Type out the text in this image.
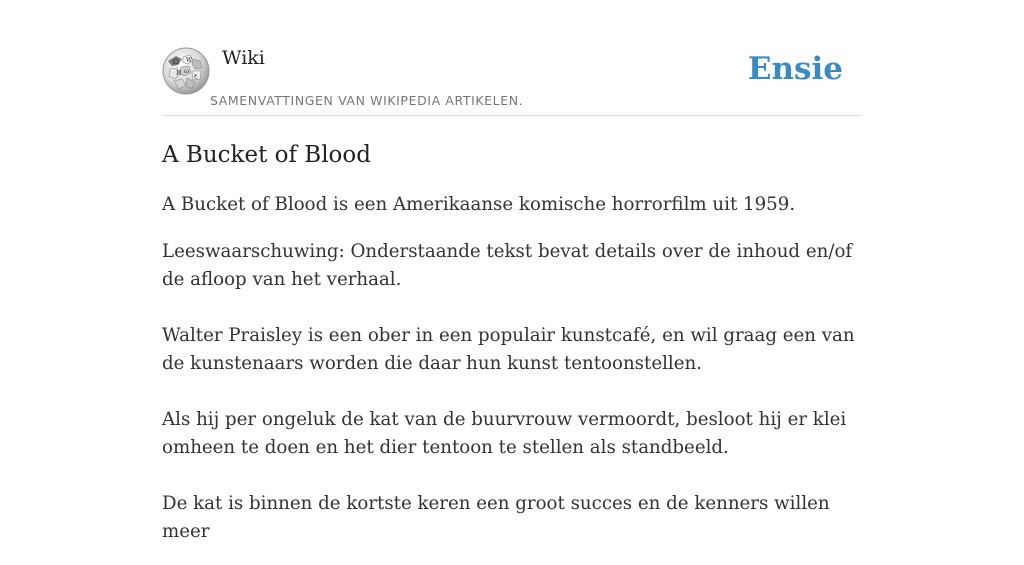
Ω W
И ω
ع
Wiki
SAMENVATTINGEN VAN WIKIPEDIA ARTIKELEN.
Ensie
A Bucket of Blood

A Bucket of Blood is een Amerikaanse komische horrorfilm uit 1959.

Leeswaarschuwing: Onderstaande tekst bevat details over de inhoud en/of de afloop van het verhaal.

Walter Praisley is een ober in een populair kunstcafé, en wil graag een van de kunstenaars worden die daar hun kunst tentoonstellen.

Als hij per ongeluk de kat van de buurvrouw vermoordt, besloot hij er klei omheen te doen en het dier tentoon te stellen als standbeeld.

De kat is binnen de kortste keren een groot succes en de kenners willen meer
